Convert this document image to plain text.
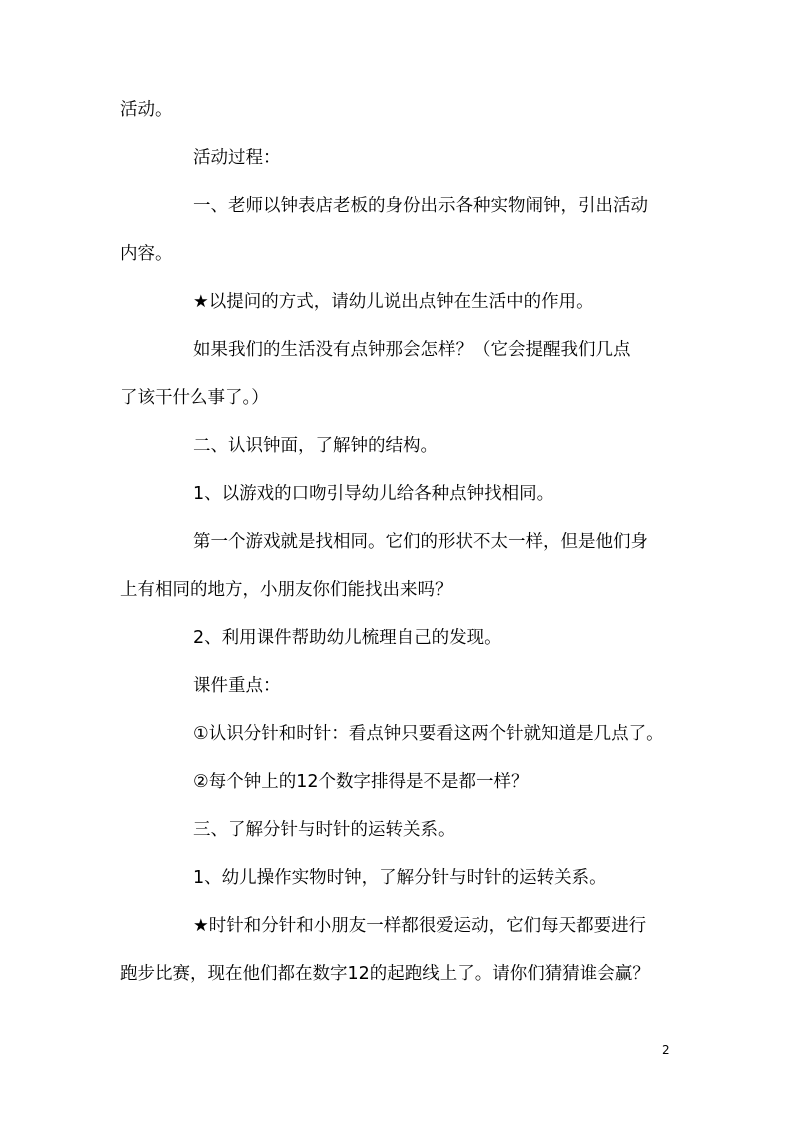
活动。
活动过程：
一、老师以钟表店老板的身份出示各种实物闹钟，引出活动
内容。
★以提问的方式，请幼儿说出点钟在生活中的作用。
如果我们的生活没有点钟那会怎样？（它会提醒我们几点
了该干什么事了。）
二、认识钟面，了解钟的结构。
1、以游戏的口吻引导幼儿给各种点钟找相同。
第一个游戏就是找相同。它们的形状不太一样，但是他们身
上有相同的地方，小朋友你们能找出来吗？
2、利用课件帮助幼儿梳理自己的发现。
课件重点：
①认识分针和时针：看点钟只要看这两个针就知道是几点了。
②每个钟上的12个数字排得是不是都一样？
三、了解分针与时针的运转关系。
1、幼儿操作实物时钟，了解分针与时针的运转关系。
★时针和分针和小朋友一样都很爱运动，它们每天都要进行
跑步比赛，现在他们都在数字12的起跑线上了。请你们猜猜谁会赢？
2
